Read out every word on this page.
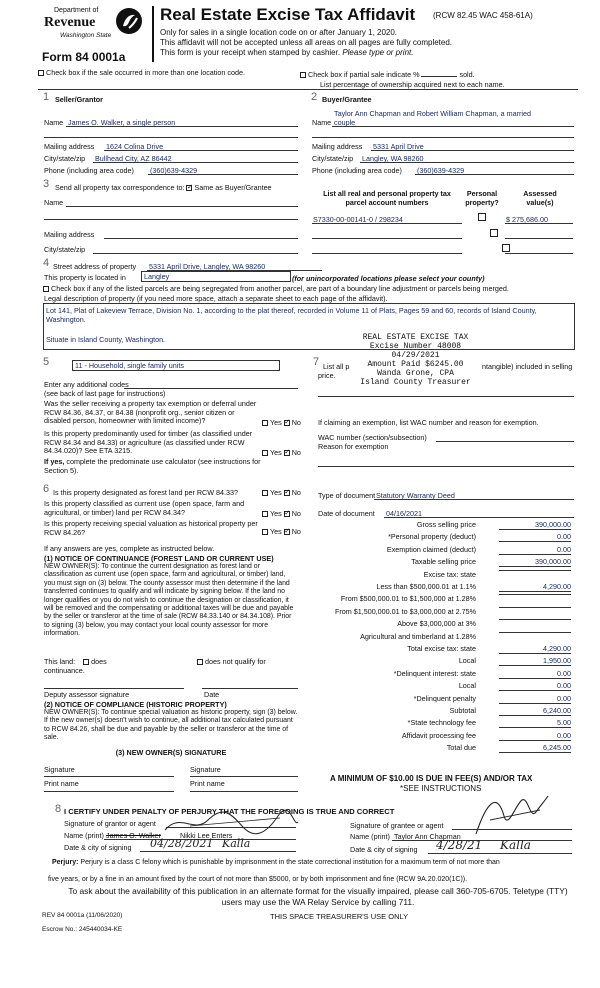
Department of
Revenue
Washington State
Form 84 0001a
Real Estate Excise Tax Affidavit (RCW 82.45 WAC 458-61A)
Only for sales in a single location code on or after January 1, 2020.
This affidavit will not be accepted unless all areas on all pages are fully completed.
This form is your receipt when stamped by cashier. Please type or print.
Check box if the sale occurred in more than one location code.	Check box if partial sale indicate %	sold.
List percentage of ownership acquired next to each name.
1 Seller/Grantor
Name James O. Walker, a single person
Mailing address 1624 Colina Drive
City/state/zip Bullhead City, AZ 86442
Phone (including area code) (360)639-4329
2 Buyer/Grantee
Taylor Ann Chapman and Robert William Chapman, a married
Name couple
Mailing address 5331 April Drive
City/state/zip Langley, WA 98260
Phone (including area code) (360)639-4329
3 Send all property tax correspondence to: ✓ Same as Buyer/Grantee
Name
Mailing address
City/state/zip
List all real and personal property tax parcel account numbers
Personal property?
Assessed value(s)
S7330-00-00141-0 / 298234
	$ 275,686.00

4 Street address of property 5331 April Drive, Langley, WA 98260
This property is located in	Langley	(for unincorporated locations please select your county)
Check box if any of the listed parcels are being segregated from another parcel, are part of a boundary line adjustment or parcels being merged.
Legal description of property (if you need more space, attach a separate sheet to each page of the affidavit).
Lot 141, Plat of Lakeview Terrace, Division No. 1, according to the plat thereof, recorded in Volume 11 of Plats, Pages 59 and 60, records of Island County, Washington.
Situate in Island County, Washington.	REAL ESTATE EXCISE TAX
Excise Number 48008
04/29/2021
Amount Paid $6245.00
Wanda Grone, CPA
Island County Treasurer
5	11 - Household, single family units
Enter any additional codes
(see back of last page for instructions)
Was the seller receiving a property tax exemption or deferral under RCW 84.36, 84.37, or 84.38 (nonprofit org., senior citizen or disabled person, homeowner with limited income)?	Yes ✓ No
Is this property predominantly used for timber (as classified under RCW 84.34 and 84.33) or agriculture (as classified under RCW 84.34.020)? See ETA 3215.	Yes ✓ No
If yes, complete the predominate use calculator (see instructions for Section 5).
7 List all p	ntangible) included in selling
price.
If claiming an exemption, list WAC number and reason for exemption.
WAC number (section/subsection)
Reason for exemption
6 Is this property designated as forest land per RCW 84.33?	Yes ✓ No
Is this property classified as current use (open space, farm and agricultural, or timber) land per RCW 84.34?	Yes ✓ No
Is this property receiving special valuation as historical property per RCW 84.26?	Yes ✓ No
If any answers are yes, complete as instructed below.
(1) NOTICE OF CONTINUANCE (FOREST LAND OR CURRENT USE)
NEW OWNER(S): To continue the current designation as forest land or classification as current use (open space, farm and agricultural, or timber) land, you must sign on (3) below. The county assessor must then determine if the land transferred continues to qualify and will indicate by signing below. If the land no longer qualifies or you do not wish to continue the designation or classification, it will be removed and the compensating or additional taxes will be due and payable by the seller or transferor at the time of sale (RCW 84.33.140 or 84.34.108). Prior to signing (3) below, you may contact your local county assessor for more information.
This land: does	does not qualify for
continuance.
Deputy assessor signature	Date
(2) NOTICE OF COMPLIANCE (HISTORIC PROPERTY)
NEW OWNER(S): To continue special valuation as historic property, sign (3) below. If the new owner(s) doesn't wish to continue, all additional tax calculated pursuant to RCW 84.26, shall be due and payable by the seller or transferor at the time of sale.
(3) NEW OWNER(S) SIGNATURE
Signature	Signature
Print name	Print name
Type of document Statutory Warranty Deed
Date of document 04/16/2021
Gross selling price	390,000.00
*Personal property (deduct)	0.00
Exemption claimed (deduct)	0.00
Taxable selling price	390,000.00
Excise tax: state
Less than $500,000.01 at 1.1%	4,290.00
From $500,000.01 to $1,500,000 at 1.28%
From $1,500,000.01 to $3,000,000 at 2.75%
Above $3,000,000 at 3%
Agricultural and timberland at 1.28%
Total excise tax: state	4,290.00
Local	1,950.00
*Delinquent interest: state	0.00
Local	0.00
*Delinquent penalty	0.00
Subtotal	6,240.00
*State technology fee	5.00
Affidavit processing fee	0.00
Total due	6,245.00
A MINIMUM OF $10.00 IS DUE IN FEE(S) AND/OR TAX
*SEE INSTRUCTIONS
8 I CERTIFY UNDER PENALTY OF PERJURY THAT THE FOREGOING IS TRUE AND CORRECT
Signature of grantor or agent
Name (print) James O. Walker	Nikki Lee Enters
Date & city of signing 04/28/2021 Kalla
Signature of grantee or agent
Name (print) Taylor Ann Chapman
Date & city of signing 4/28/21 Kalla
Perjury: Perjury is a class C felony which is punishable by imprisonment in the state correctional institution for a maximum term of not more than
five years, or by a fine in an amount fixed by the court of not more than $5000, or by both imprisonment and fine (RCW 9A.20.020(1C)).
To ask about the availability of this publication in an alternate format for the visually impaired, please call 360-705-6705. Teletype (TTY) users may use the WA Relay Service by calling 711.
REV 84 0001a (11/06/2020)	THIS SPACE TREASURER'S USE ONLY
Escrow No.: 245440034-KE
